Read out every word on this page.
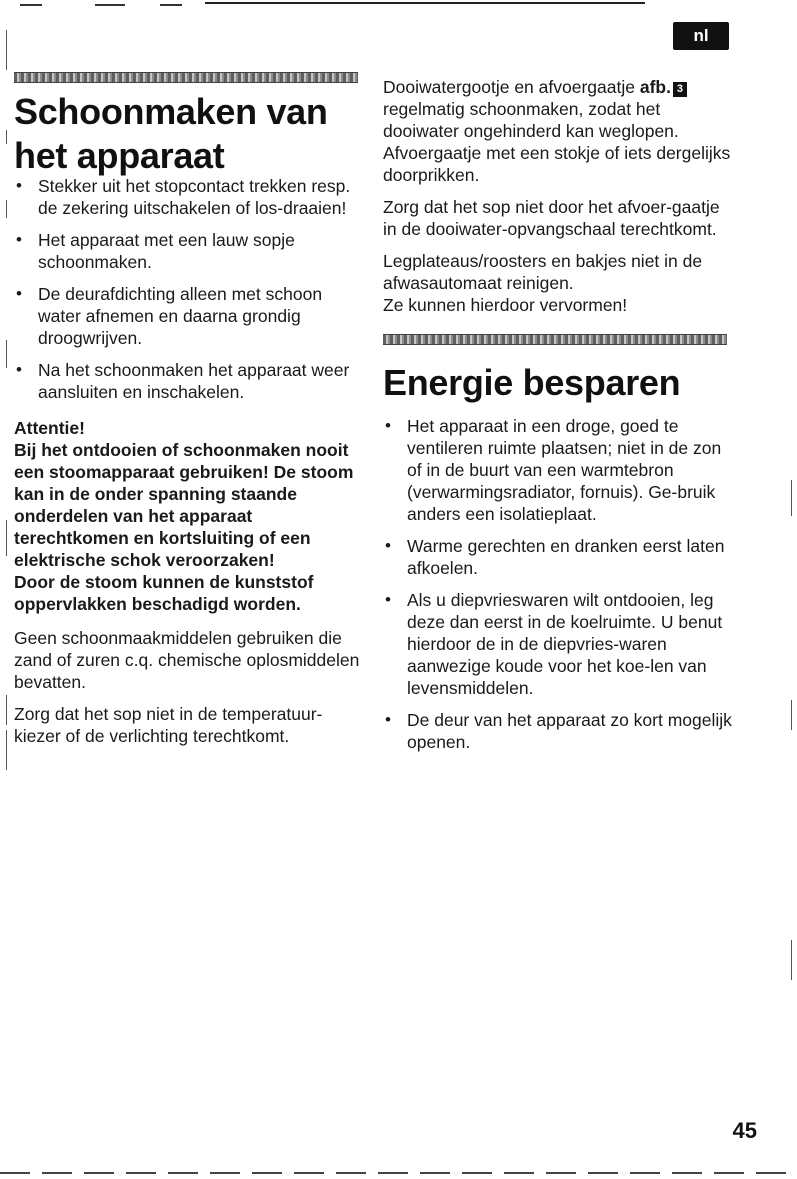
nl
Schoonmaken van
het apparaat
• Stekker uit het stopcontact trekken resp. de zekering uitschakelen of los-draaien!
• Het apparaat met een lauw sopje schoonmaken.
• De deurafdichting alleen met schoon water afnemen en daarna grondig droogwrijven.
• Na het schoonmaken het apparaat weer aansluiten en inschakelen.

Attentie!

Bij het ontdooien of schoonmaken nooit een stoomapparaat gebruiken! De stoom kan in de onder spanning staande onderdelen van het apparaat terechtkomen en kortsluiting of een elektrische schok veroorzaken!

Door de stoom kunnen de kunststof oppervlakken beschadigd worden.

Geen schoonmaakmiddelen gebruiken die zand of zuren c.q. chemische oplosmiddelen bevatten.

Zorg dat het sop niet in de temperatuur-kiezer of de verlichting terechtkomt.

Dooiwatergootje en afvoergaatje afb. 3 regelmatig schoonmaken, zodat het dooiwater ongehinderd kan weglopen. Afvoergaatje met een stokje of iets dergelijks doorprikken.

Zorg dat het sop niet door het afvoer-gaatje in de dooiwater-opvangschaal terechtkomt.

Legplateaus/roosters en bakjes niet in de afwasautomaat reinigen.

Ze kunnen hierdoor vervormen!

Energie besparen
• Het apparaat in een droge, goed te ventileren ruimte plaatsen; niet in de zon of in de buurt van een warmtebron (verwarmingsradiator, fornuis). Ge-bruik anders een isolatieplaat.
• Warme gerechten en dranken eerst laten afkoelen.
• Als u diepvrieswaren wilt ontdooien, leg deze dan eerst in de koelruimte. U benut hierdoor de in de diepvries-waren aanwezige koude voor het koe-len van levensmiddelen.
• De deur van het apparaat zo kort mogelijk openen.
45
